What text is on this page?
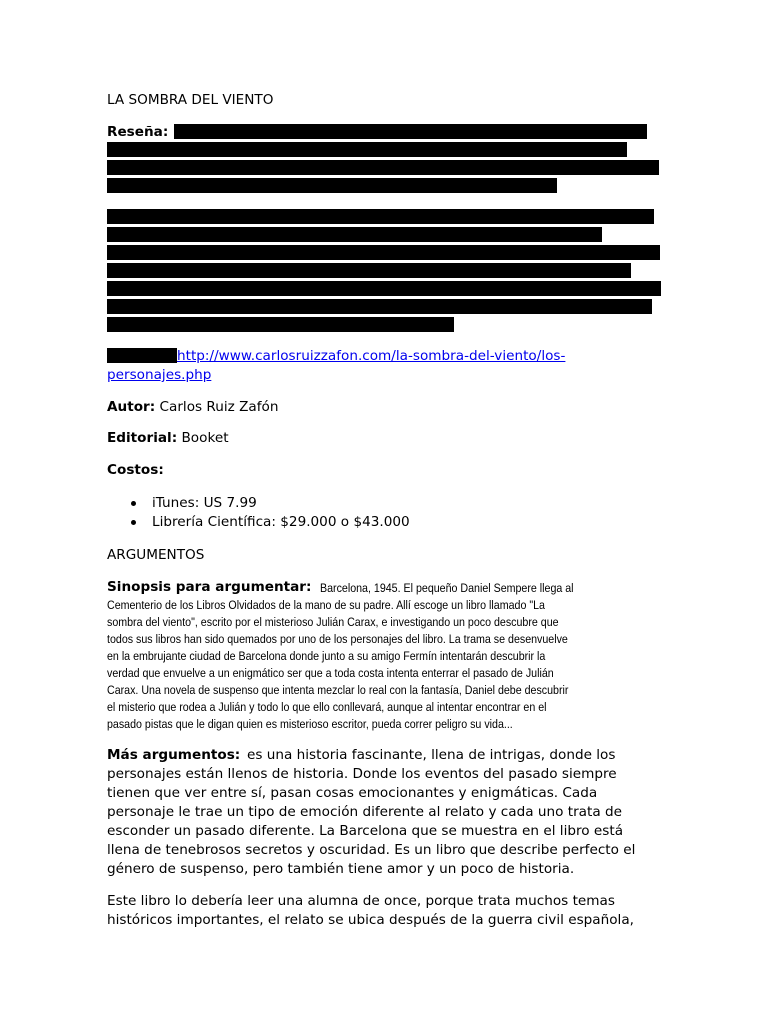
LA SOMBRA DEL VIENTO

Reseña:

http://www.carlosruizzafon.com/la-sombra-del-viento/los-
personajes.php

Autor: Carlos Ruiz Zafón

Editorial: Booket

Costos:

iTunes: US 7.99

Librería Científica: $29.000 o $43.000

ARGUMENTOS

Sinopsis para argumentar: Barcelona, 1945. El pequeño Daniel Sempere llega al

Cementerio de los Libros Olvidados de la mano de su padre. Allí escoge un libro llamado "La

sombra del viento", escrito por el misterioso Julián Carax, e investigando un poco descubre que

todos sus libros han sido quemados por uno de los personajes del libro. La trama se desenvuelve

en la embrujante ciudad de Barcelona donde junto a su amigo Fermín intentarán descubrir la

verdad que envuelve a un enigmático ser que a toda costa intenta enterrar el pasado de Julián

Carax. Una novela de suspenso que intenta mezclar lo real con la fantasía, Daniel debe descubrir

el misterio que rodea a Julián y todo lo que ello conllevará, aunque al intentar encontrar en el

pasado pistas que le digan quien es misterioso escritor, pueda correr peligro su vida...

Más argumentos: es una historia fascinante, llena de intrigas, donde los

personajes están llenos de historia. Donde los eventos del pasado siempre

tienen que ver entre sí, pasan cosas emocionantes y enigmáticas. Cada

personaje le trae un tipo de emoción diferente al relato y cada uno trata de

esconder un pasado diferente. La Barcelona que se muestra en el libro está

llena de tenebrosos secretos y oscuridad. Es un libro que describe perfecto el

género de suspenso, pero también tiene amor y un poco de historia.

Este libro lo debería leer una alumna de once, porque trata muchos temas

históricos importantes, el relato se ubica después de la guerra civil española,
